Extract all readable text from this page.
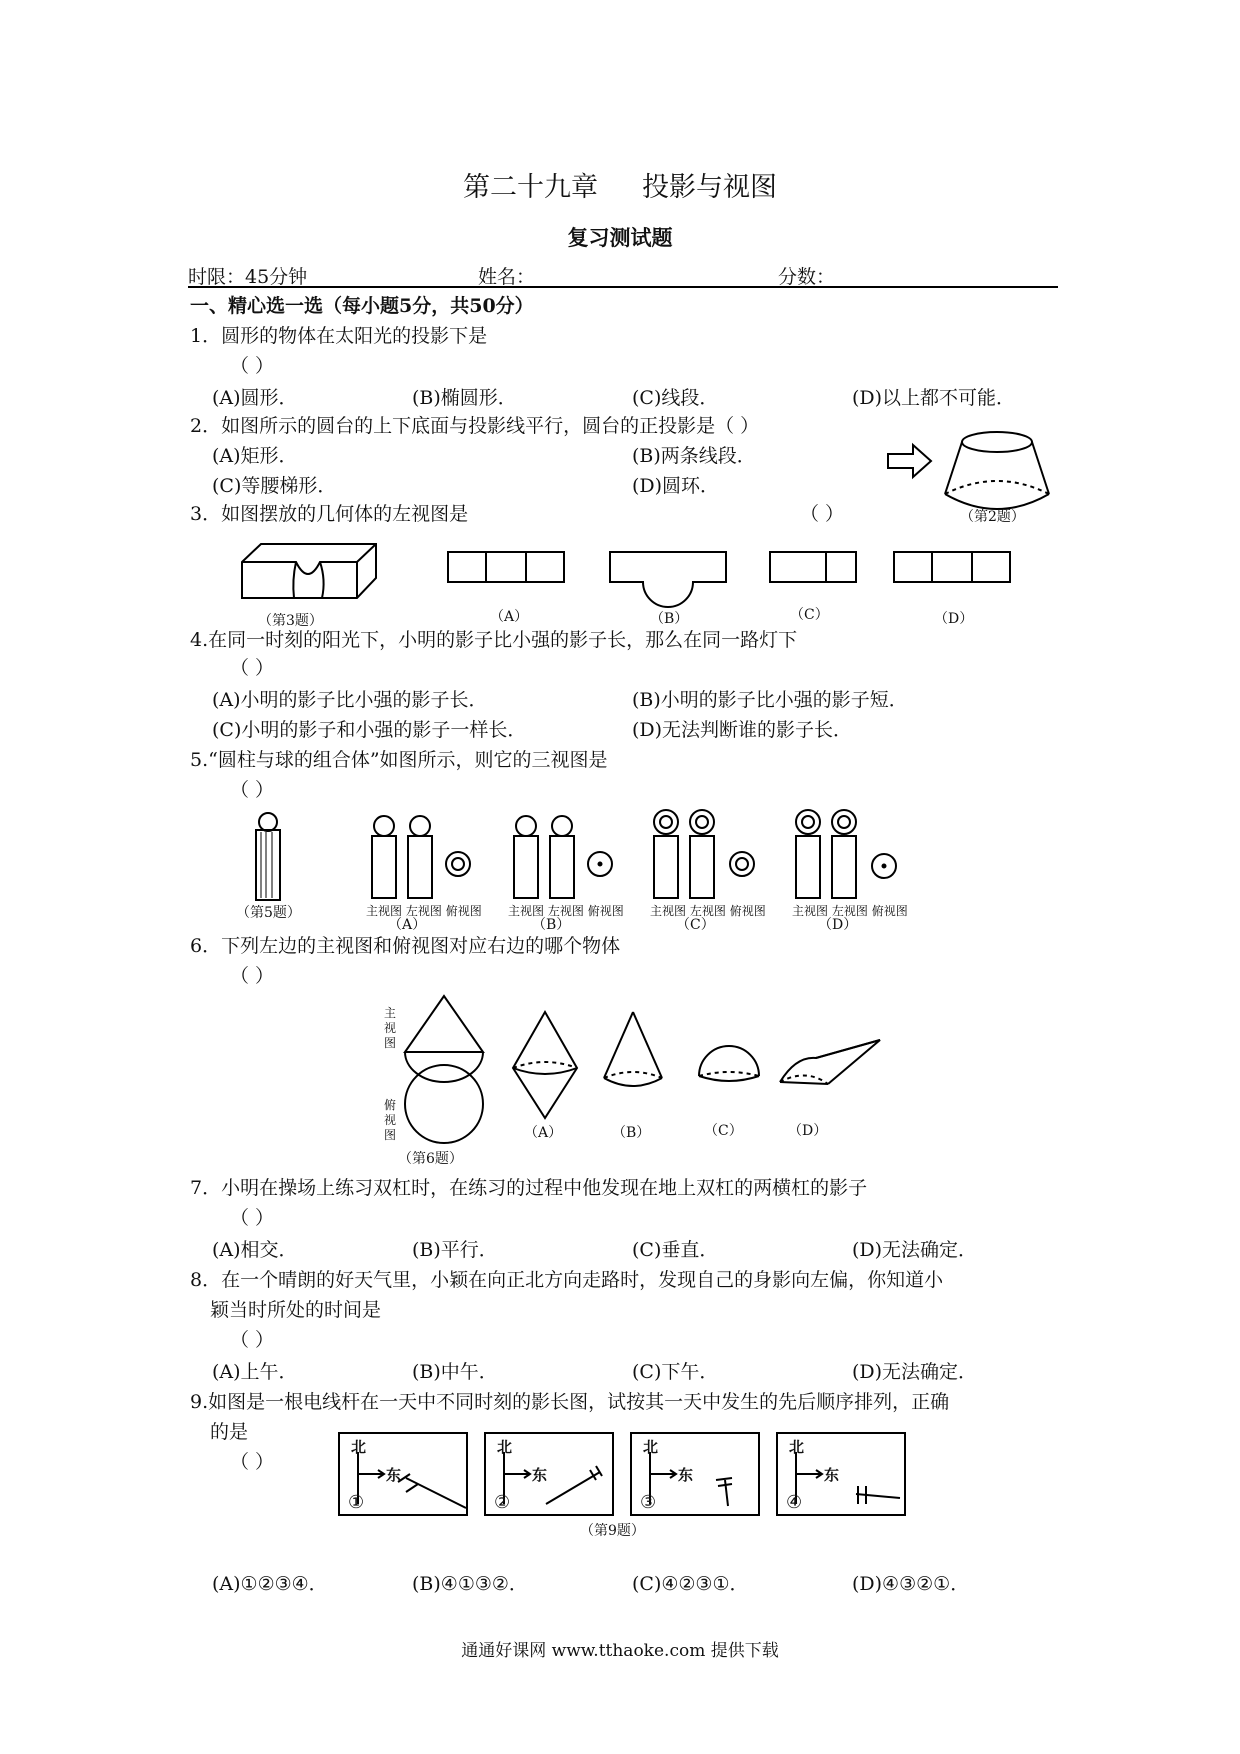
第二十九章 投影与视图
复习测试题
时限：45分钟	姓名：	分数：
一、精心选一选（每小题5分，共50分）
1．圆形的物体在太阳光的投影下是
（ ）
(A)圆形．	(B)椭圆形．	(C)线段．	(D)以上都不可能．
2．如图所示的圆台的上下底面与投影线平行，圆台的正投影是（ ）
(A)矩形．	(B)两条线段．
(C)等腰梯形．	(D)圆环．
（第2题）
3．如图摆放的几何体的左视图是	（ ）
（第3题）	（A）	（B）	（C）	（D）
4.在同一时刻的阳光下，小明的影子比小强的影子长，那么在同一路灯下
（ ）
(A)小明的影子比小强的影子长．	(B)小明的影子比小强的影子短．
(C)小明的影子和小强的影子一样长．	(D)无法判断谁的影子长．
5.“圆柱与球的组合体”如图所示，则它的三视图是
（ ）
（第5题）	主视图 左视图 俯视图
（A）
主视图 左视图 俯视图
（B）
主视图 左视图 俯视图
（C）
主视图 左视图 俯视图
（D）
6．下列左边的主视图和俯视图对应右边的哪个物体
（ ）
主视图
俯视图
（第6题）
（A）	（B）	（C）	（D）
7．小明在操场上练习双杠时，在练习的过程中他发现在地上双杠的两横杠的影子
（ ）
(A)相交．	(B)平行．	(C)垂直．	(D)无法确定．
8．在一个晴朗的好天气里，小颖在向正北方向走路时，发现自己的身影向左偏，你知道小
颖当时所处的时间是
（ ）
(A)上午．	(B)中午．	(C)下午．	(D)无法确定．
9.如图是一根电线杆在一天中不同时刻的影长图，试按其一天中发生的先后顺序排列，正确
的是
（ ）
北
东
①
北
东
②
北
东
③
北
东
④
（第9题）
(A)①②③④．	(B)④①③②．	(C)④②③①．	(D)④③②①．
通通好课网 www.tthaoke.com 提供下载
